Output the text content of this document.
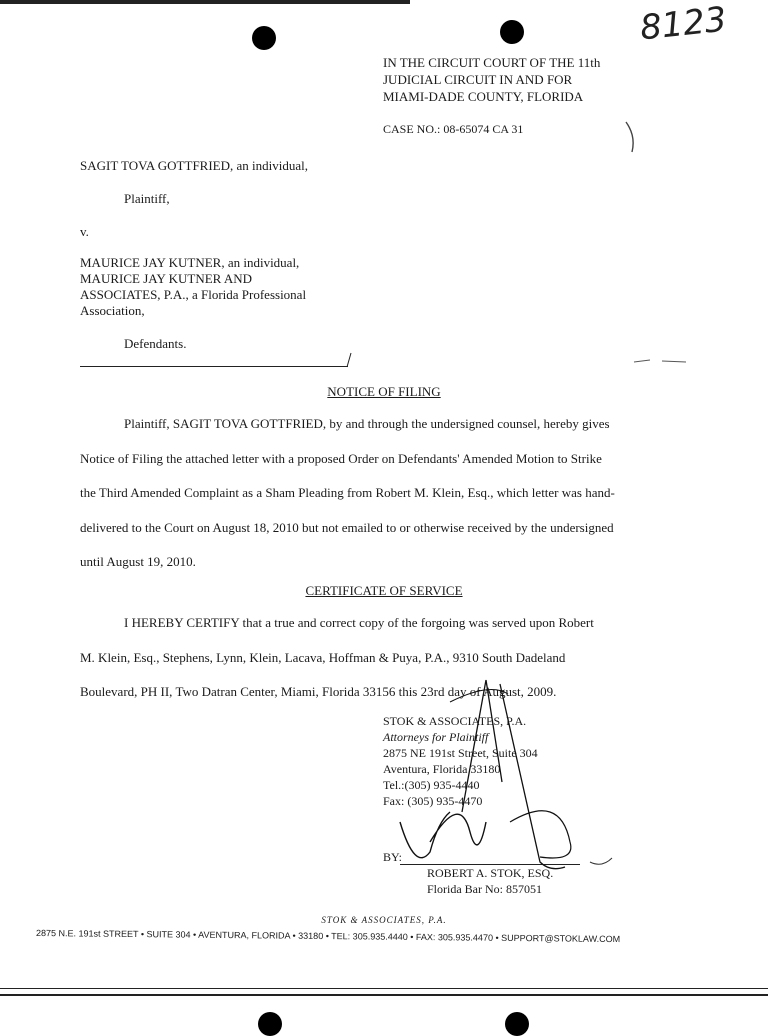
8123
IN THE CIRCUIT COURT OF THE 11th
JUDICIAL CIRCUIT IN AND FOR
MIAMI-DADE COUNTY, FLORIDA
CASE NO.: 08-65074 CA 31
SAGIT TOVA GOTTFRIED, an individual,
Plaintiff,
v.
MAURICE JAY KUTNER, an individual,
MAURICE JAY KUTNER AND
ASSOCIATES, P.A., a Florida Professional
Association,
Defendants.
NOTICE OF FILING

Plaintiff, SAGIT TOVA GOTTFRIED, by and through the undersigned counsel, hereby gives

Notice of Filing the attached letter with a proposed Order on Defendants' Amended Motion to Strike

the Third Amended Complaint as a Sham Pleading from Robert M. Klein, Esq., which letter was hand-

delivered to the Court on August 18, 2010 but not emailed to or otherwise received by the undersigned

until August 19, 2010.

CERTIFICATE OF SERVICE

I HEREBY CERTIFY that a true and correct copy of the forgoing was served upon Robert

M. Klein, Esq., Stephens, Lynn, Klein, Lacava, Hoffman & Puya, P.A., 9310 South Dadeland

Boulevard, PH II, Two Datran Center, Miami, Florida 33156 this 23rd day of August, 2009.

STOK & ASSOCIATES, P.A.
Attorneys for Plaintiff
2875 NE 191st Street, Suite 304
Aventura, Florida 33180
Tel.:(305) 935-4440
Fax: (305) 935-4470
BY:
ROBERT A. STOK, ESQ.
Florida Bar No: 857051
STOK & ASSOCIATES, P.A.
2875 N.E. 191st STREET • SUITE 304 • AVENTURA, FLORIDA • 33180 • TEL: 305.935.4440 • FAX: 305.935.4470 • SUPPORT@STOKLAW.COM
